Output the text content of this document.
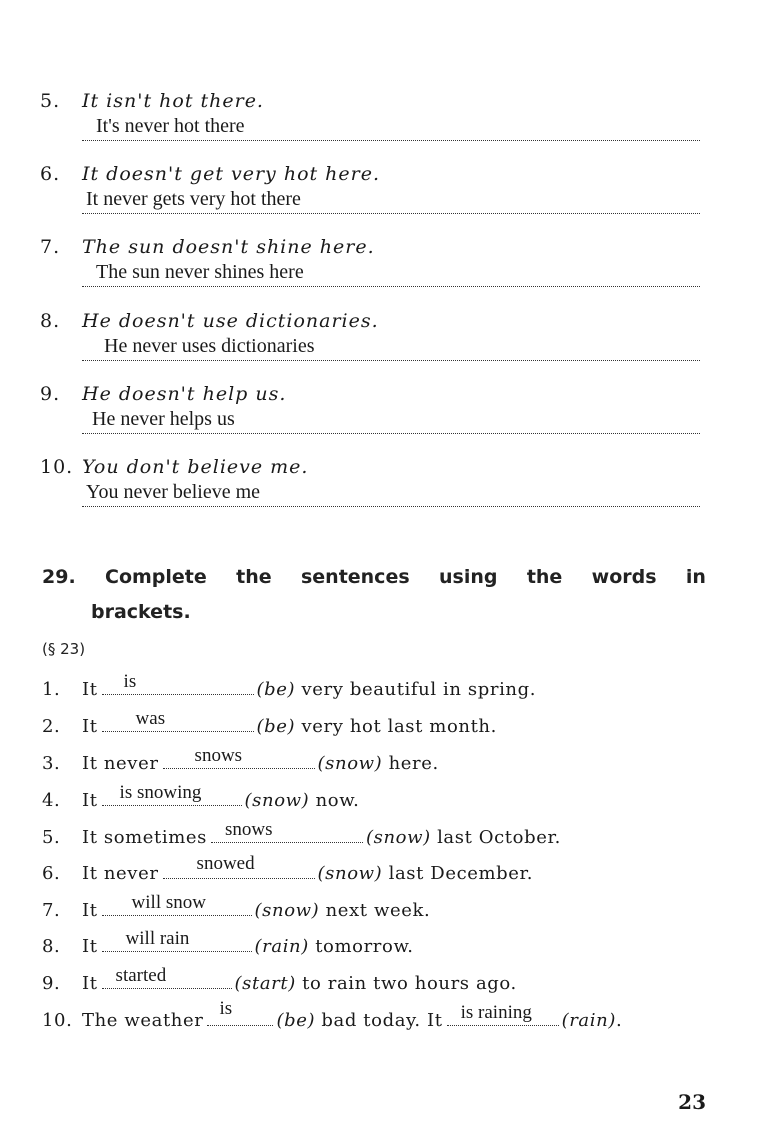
5.	It isn't hot there.
It's never hot there
6.	It doesn't get very hot here.
It never gets very hot there
7.	The sun doesn't shine here.
The sun never shines here
8.	He doesn't use dictionaries.
He never uses dictionaries
9.	He doesn't help us.
He never helps us
10. You don't believe me.
You never believe me
29. Complete the sentences using the words in
brackets.
(§ 23)
1.	It is	(be)
very beautiful in spring.
2.	It was	(be)
very hot last month.
3.	It never snows	(snow)
here.
4.	It is snowing (snow)
now.
5.	It sometimes snows	(snow)
last October.
6.	It never snowed	(snow)
last December.
7.	It will snow	(snow)
next week.
8.	It will rain	(rain)
tomorrow.
9.	It started	(start)
to rain two hours ago.
10. The weather
is
(be)
bad today. It is raining (rain) .
23
